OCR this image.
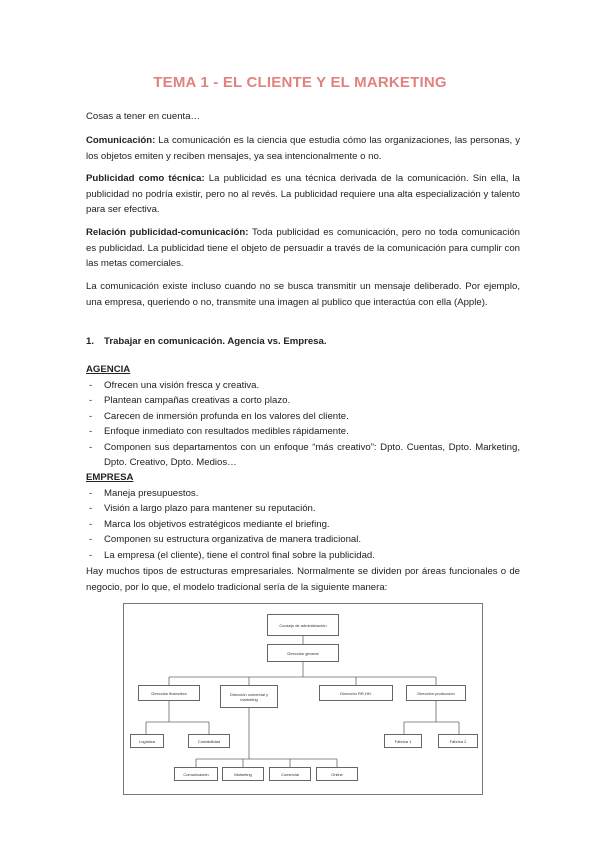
TEMA 1 - EL CLIENTE Y EL MARKETING
Cosas a tener en cuenta…
Comunicación: La comunicación es la ciencia que estudia cómo las organizaciones, las personas, y los objetos emiten y reciben mensajes, ya sea intencionalmente o no.
Publicidad como técnica: La publicidad es una técnica derivada de la comunicación. Sin ella, la publicidad no podría existir, pero no al revés. La publicidad requiere una alta especialización y talento para ser efectiva.
Relación publicidad-comunicación: Toda publicidad es comunicación, pero no toda comunicación es publicidad. La publicidad tiene el objeto de persuadir a través de la comunicación para cumplir con las metas comerciales.
La comunicación existe incluso cuando no se busca transmitir un mensaje deliberado. Por ejemplo, una empresa, queriendo o no, transmite una imagen al publico que interactúa con ella (Apple).
1. Trabajar en comunicación. Agencia vs. Empresa.
AGENCIA
- Ofrecen una visión fresca y creativa.
- Plantean campañas creativas a corto plazo.
- Carecen de inmersión profunda en los valores del cliente.
- Enfoque inmediato con resultados medibles rápidamente.
- Componen sus departamentos con un enfoque “más creativo”: Dpto. Cuentas, Dpto. Marketing, Dpto. Creativo, Dpto. Medios…
EMPRESA
- Maneja presupuestos.
- Visión a largo plazo para mantener su reputación.
- Marca los objetivos estratégicos mediante el briefing.
- Componen su estructura organizativa de manera tradicional.
- La empresa (el cliente), tiene el control final sobre la publicidad.
Hay muchos tipos de estructuras empresariales. Normalmente se dividen por áreas funcionales o de negocio, por lo que, el modelo tradicional sería de la siguiente manera:
Consejo de administración
Dirección general
Dirección financiera	Dirección comercial y marketing
Dirección RR.HH.	Dirección producción
Logística	Contabilidad	Fábrica 1	Fábrica 2
Comunicación	Marketing	Comercial	Online
